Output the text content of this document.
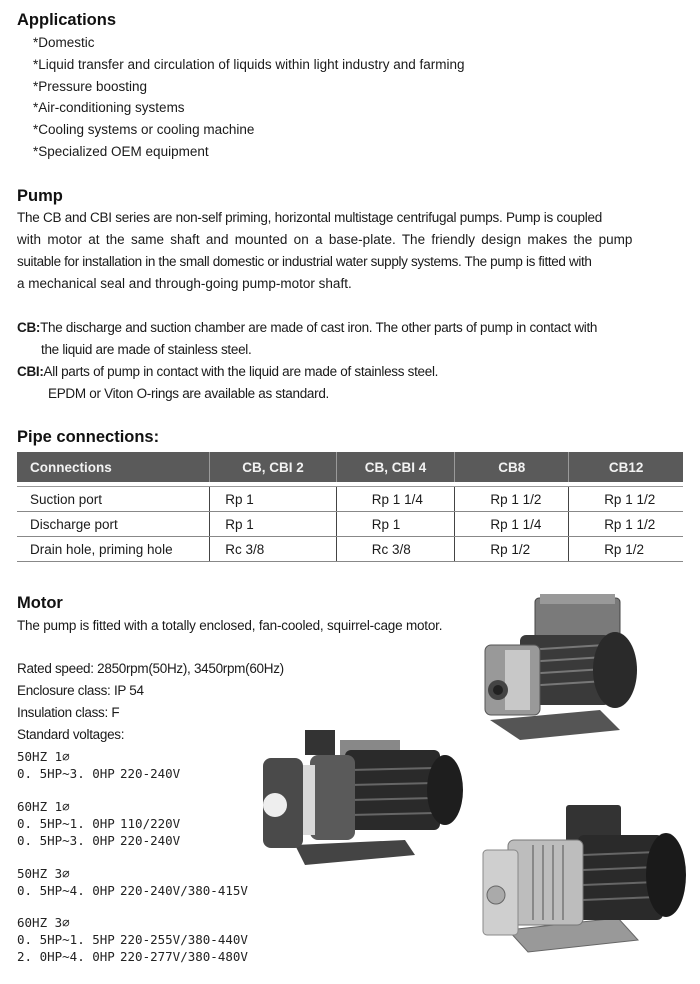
Applications
*Domestic
*Liquid transfer and circulation of liquids within light industry and farming
*Pressure boosting
*Air-conditioning systems
*Cooling systems or cooling machine
*Specialized OEM equipment
Pump
The CB and CBI series are non-self priming, horizontal multistage centrifugal pumps. Pump is coupled
with motor at the same shaft and mounted on a base-plate. The friendly design makes the pump
suitable for installation in the small domestic or industrial water supply systems. The pump is fitted with
a mechanical seal and through-going pump-motor shaft.
CB:The discharge and suction chamber are made of cast iron. The other parts of pump in contact with
the liquid are made of stainless steel.
CBI:All parts of pump in contact with the liquid are made of stainless steel.
EPDM or Viton O-rings are available as standard.
Pipe connections:
Connections	CB, CBI 2	CB, CBI 4	CB8	CB12

Suction port	Rp 1	Rp 1 1/4	Rp 1 1/2	Rp 1 1/2
Discharge port	Rp 1	Rp 1	Rp 1 1/4	Rp 1 1/2
Drain hole, priming hole	Rc 3/8	Rc 3/8	Rp 1/2	Rp 1/2
Motor
The pump is fitted with a totally enclosed, fan-cooled, squirrel-cage motor.
Rated speed: 2850rpm(50Hz), 3450rpm(60Hz)
Enclosure class: IP 54
Insulation class: F
Standard voltages:
50HZ 1∅
0. 5HP~3. 0HP 220-240V
60HZ 1∅
0. 5HP~1. 0HP 110/220V
0. 5HP~3. 0HP 220-240V
50HZ 3∅
0. 5HP~4. 0HP 220-240V/380-415V
60HZ 3∅
0. 5HP~1. 5HP 220-255V/380-440V
2. 0HP~4. 0HP 220-277V/380-480V
